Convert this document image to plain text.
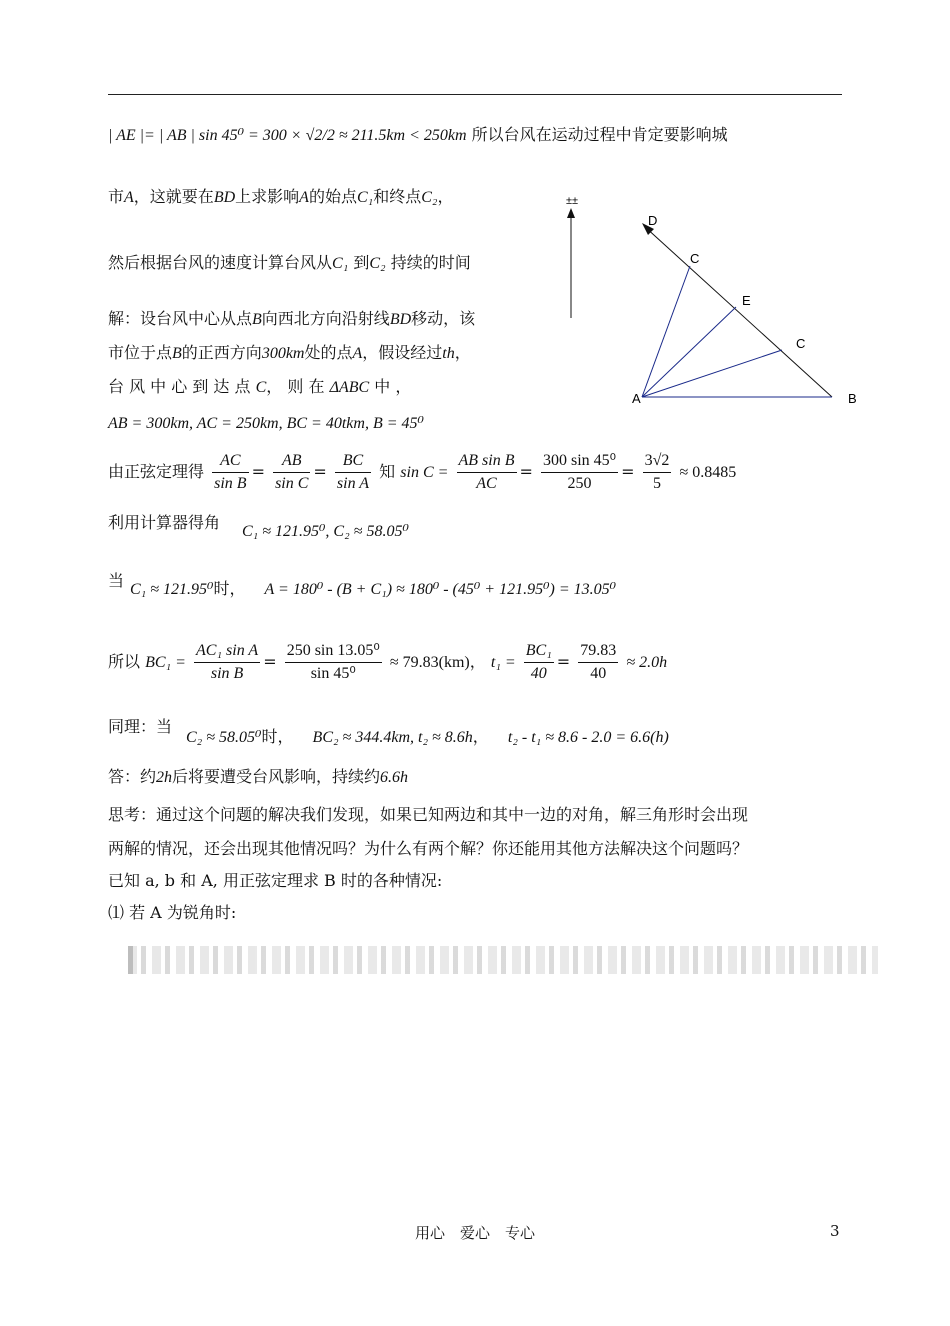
| AE |= | AB | sin 45⁰ = 300 × √2/2 ≈ 211.5km < 250km 所以台风在运动过程中肯定要影响城
市A，这就要在BD上求影响A的始点C₁和终点C₂，
然后根据台风的速度计算台风从C₁ 到C₂ 持续的时间
解：设台风中心从点B向西北方向沿射线BD移动，该
市位于点B的正西方向300km处的点A，假设经过th，
台 风 中 心 到 达 点 C， 则 在 ΔABC 中 ，
AB = 300km, AC = 250km, BC = 40tkm, B = 45⁰
由正弦定理得 $\frac{AC}{\text{sin B}} = \frac{AB}{\text{sin C}} = \frac{BC}{\text{sin A}}$ 知 $\sin C = \frac{\text{AB sin B}}{AC} = \frac{\text{300 sin 45⁰}}{250} = \frac{3√2}{5} \approx 0.8485$
利用计算器得角 C₁ ≈ 121.95⁰, C₂ ≈ 58.05⁰
当 C₁ ≈ 121.95⁰时， A = 180⁰ - (B + C₁) ≈ 180⁰ - (45⁰ + 121.95⁰) = 13.05⁰
所以 $BC_1 = \frac{\text{AC₁ sin A}}{\text{sin B}} = \frac{\text{250 sin 13.05⁰}}{\text{sin 45⁰}} \approx 79.83(km)$， $t_1 = \frac{\text{BC₁}}{40} = \frac{79.83}{40} \approx 2.0h$
同理：当
C₂ ≈ 58.05⁰时， BC₂ ≈ 344.4km, t₂ ≈ 8.6h， t₂ - t₁ ≈ 8.6 - 2.0 = 6.6(h)
答：约2h后将要遭受台风影响，持续约6.6h
思考：通过这个问题的解决我们发现，如果已知两边和其中一边的对角，解三角形时会出现
两解的情况，还会出现其他情况吗？为什么有两个解？你还能用其他方法解决这个问题吗？
已知 a, b 和 A, 用正弦定理求 B 时的各种情况:
⑴ 若 A 为锐角时:
±±
D
C
E
C
A	B
用心　爱心　专心	3
